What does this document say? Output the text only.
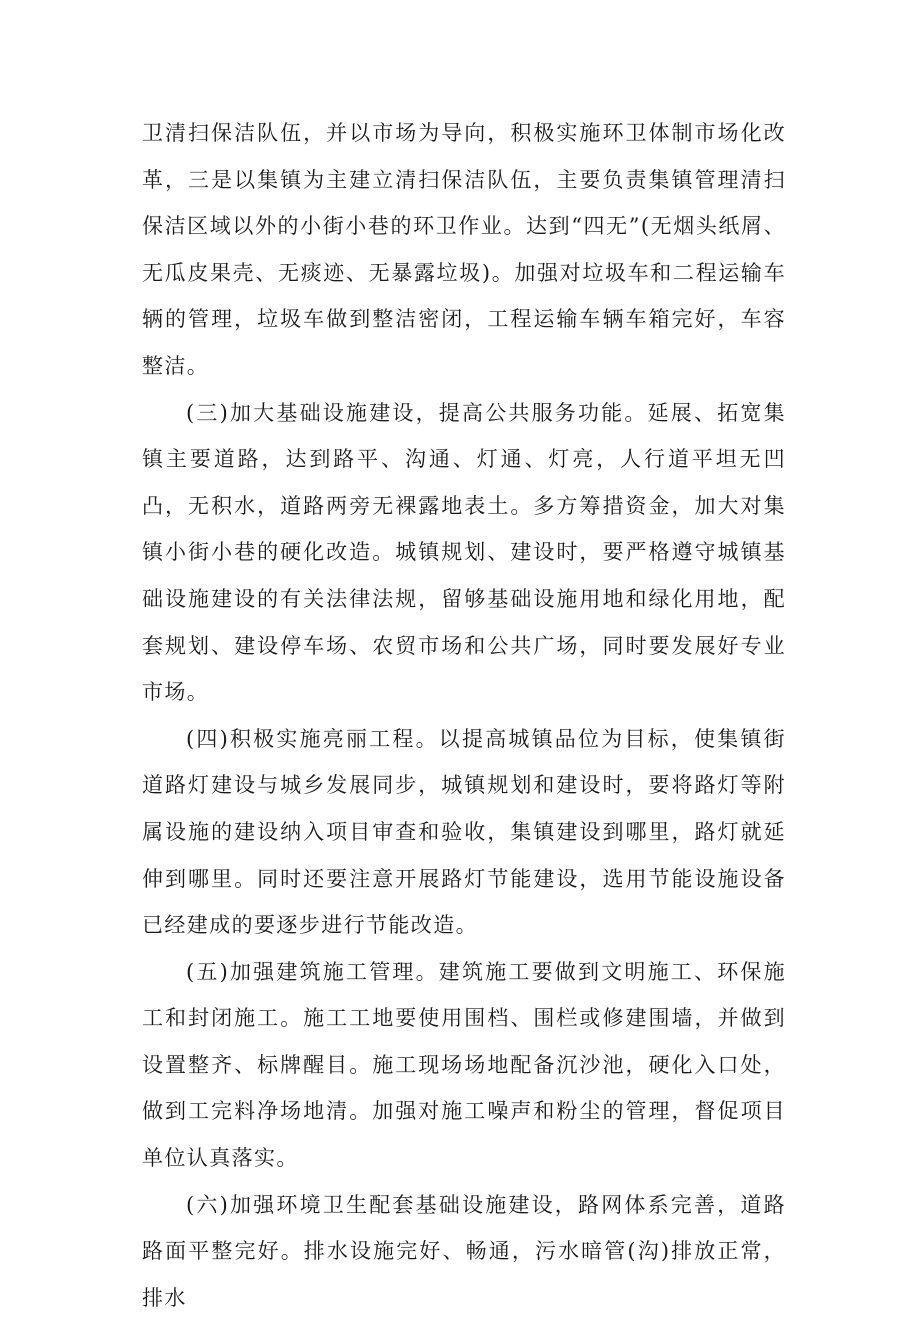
卫清扫保洁队伍，并以市场为导向，积极实施环卫体制市场化改革，三是以集镇为主建立清扫保洁队伍，主要负责集镇管理清扫保洁区域以外的小街小巷的环卫作业。达到“四无”(无烟头纸屑、无瓜皮果壳、无痰迹、无暴露垃圾)。加强对垃圾车和二程运输车辆的管理，垃圾车做到整洁密闭，工程运输车辆车箱完好，车容整洁。

(三)加大基础设施建设，提高公共服务功能。延展、拓宽集镇主要道路，达到路平、沟通、灯通、灯亮，人行道平坦无凹凸，无积水，道路两旁无裸露地表土。多方筹措资金，加大对集镇小街小巷的硬化改造。城镇规划、建设时，要严格遵守城镇基础设施建设的有关法律法规，留够基础设施用地和绿化用地，配套规划、建设停车场、农贸市场和公共广场，同时要发展好专业市场。

(四)积极实施亮丽工程。以提高城镇品位为目标，使集镇街道路灯建设与城乡发展同步，城镇规划和建设时，要将路灯等附属设施的建设纳入项目审查和验收，集镇建设到哪里，路灯就延伸到哪里。同时还要注意开展路灯节能建设，选用节能设施设备已经建成的要逐步进行节能改造。

(五)加强建筑施工管理。建筑施工要做到文明施工、环保施工和封闭施工。施工工地要使用围档、围栏或修建围墙，并做到设置整齐、标牌醒目。施工现场场地配备沉沙池，硬化入口处，做到工完料净场地清。加强对施工噪声和粉尘的管理，督促项目单位认真落实。

(六)加强环境卫生配套基础设施建设，路网体系完善，道路路面平整完好。排水设施完好、畅通，污水暗管(沟)排放正常，排水
